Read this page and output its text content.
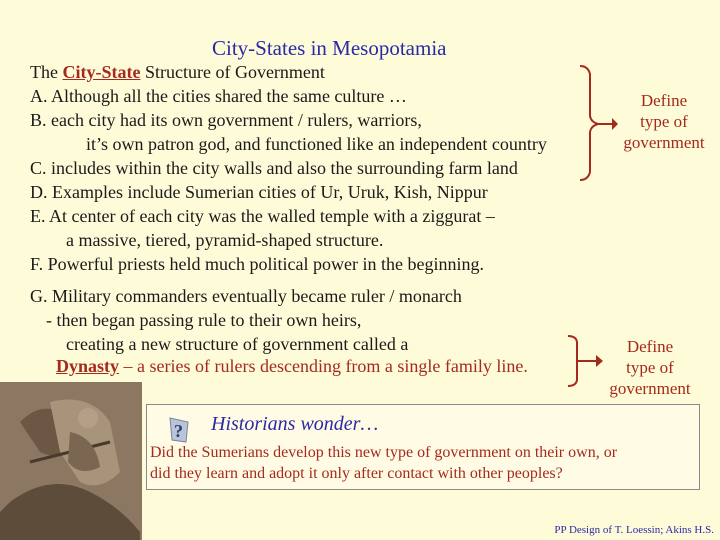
City-States in Mesopotamia
The City-State Structure of Government
A. Although all the cities shared the same culture …
B. each city had its own government / rulers, warriors,
it’s own patron god, and functioned like an independent country
C. includes within the city walls and also the surrounding farm land
D. Examples include Sumerian cities of Ur, Uruk, Kish, Nippur
E. At center of each city was the walled temple with a ziggurat –
a massive, tiered, pyramid-shaped structure.
F. Powerful priests held much political power in the beginning.
G. Military commanders eventually became ruler / monarch
- then began passing rule to their own heirs,
creating a new structure of government called a
Dynasty – a series of rulers descending from a single family line.
Define
type of
government
Define
type of
government
? Historians wonder…
Did the Sumerians develop this new type of government on their own, or
did they learn and adopt it only after contact with other peoples?
PP Design of T. Loessin; Akins H.S.
